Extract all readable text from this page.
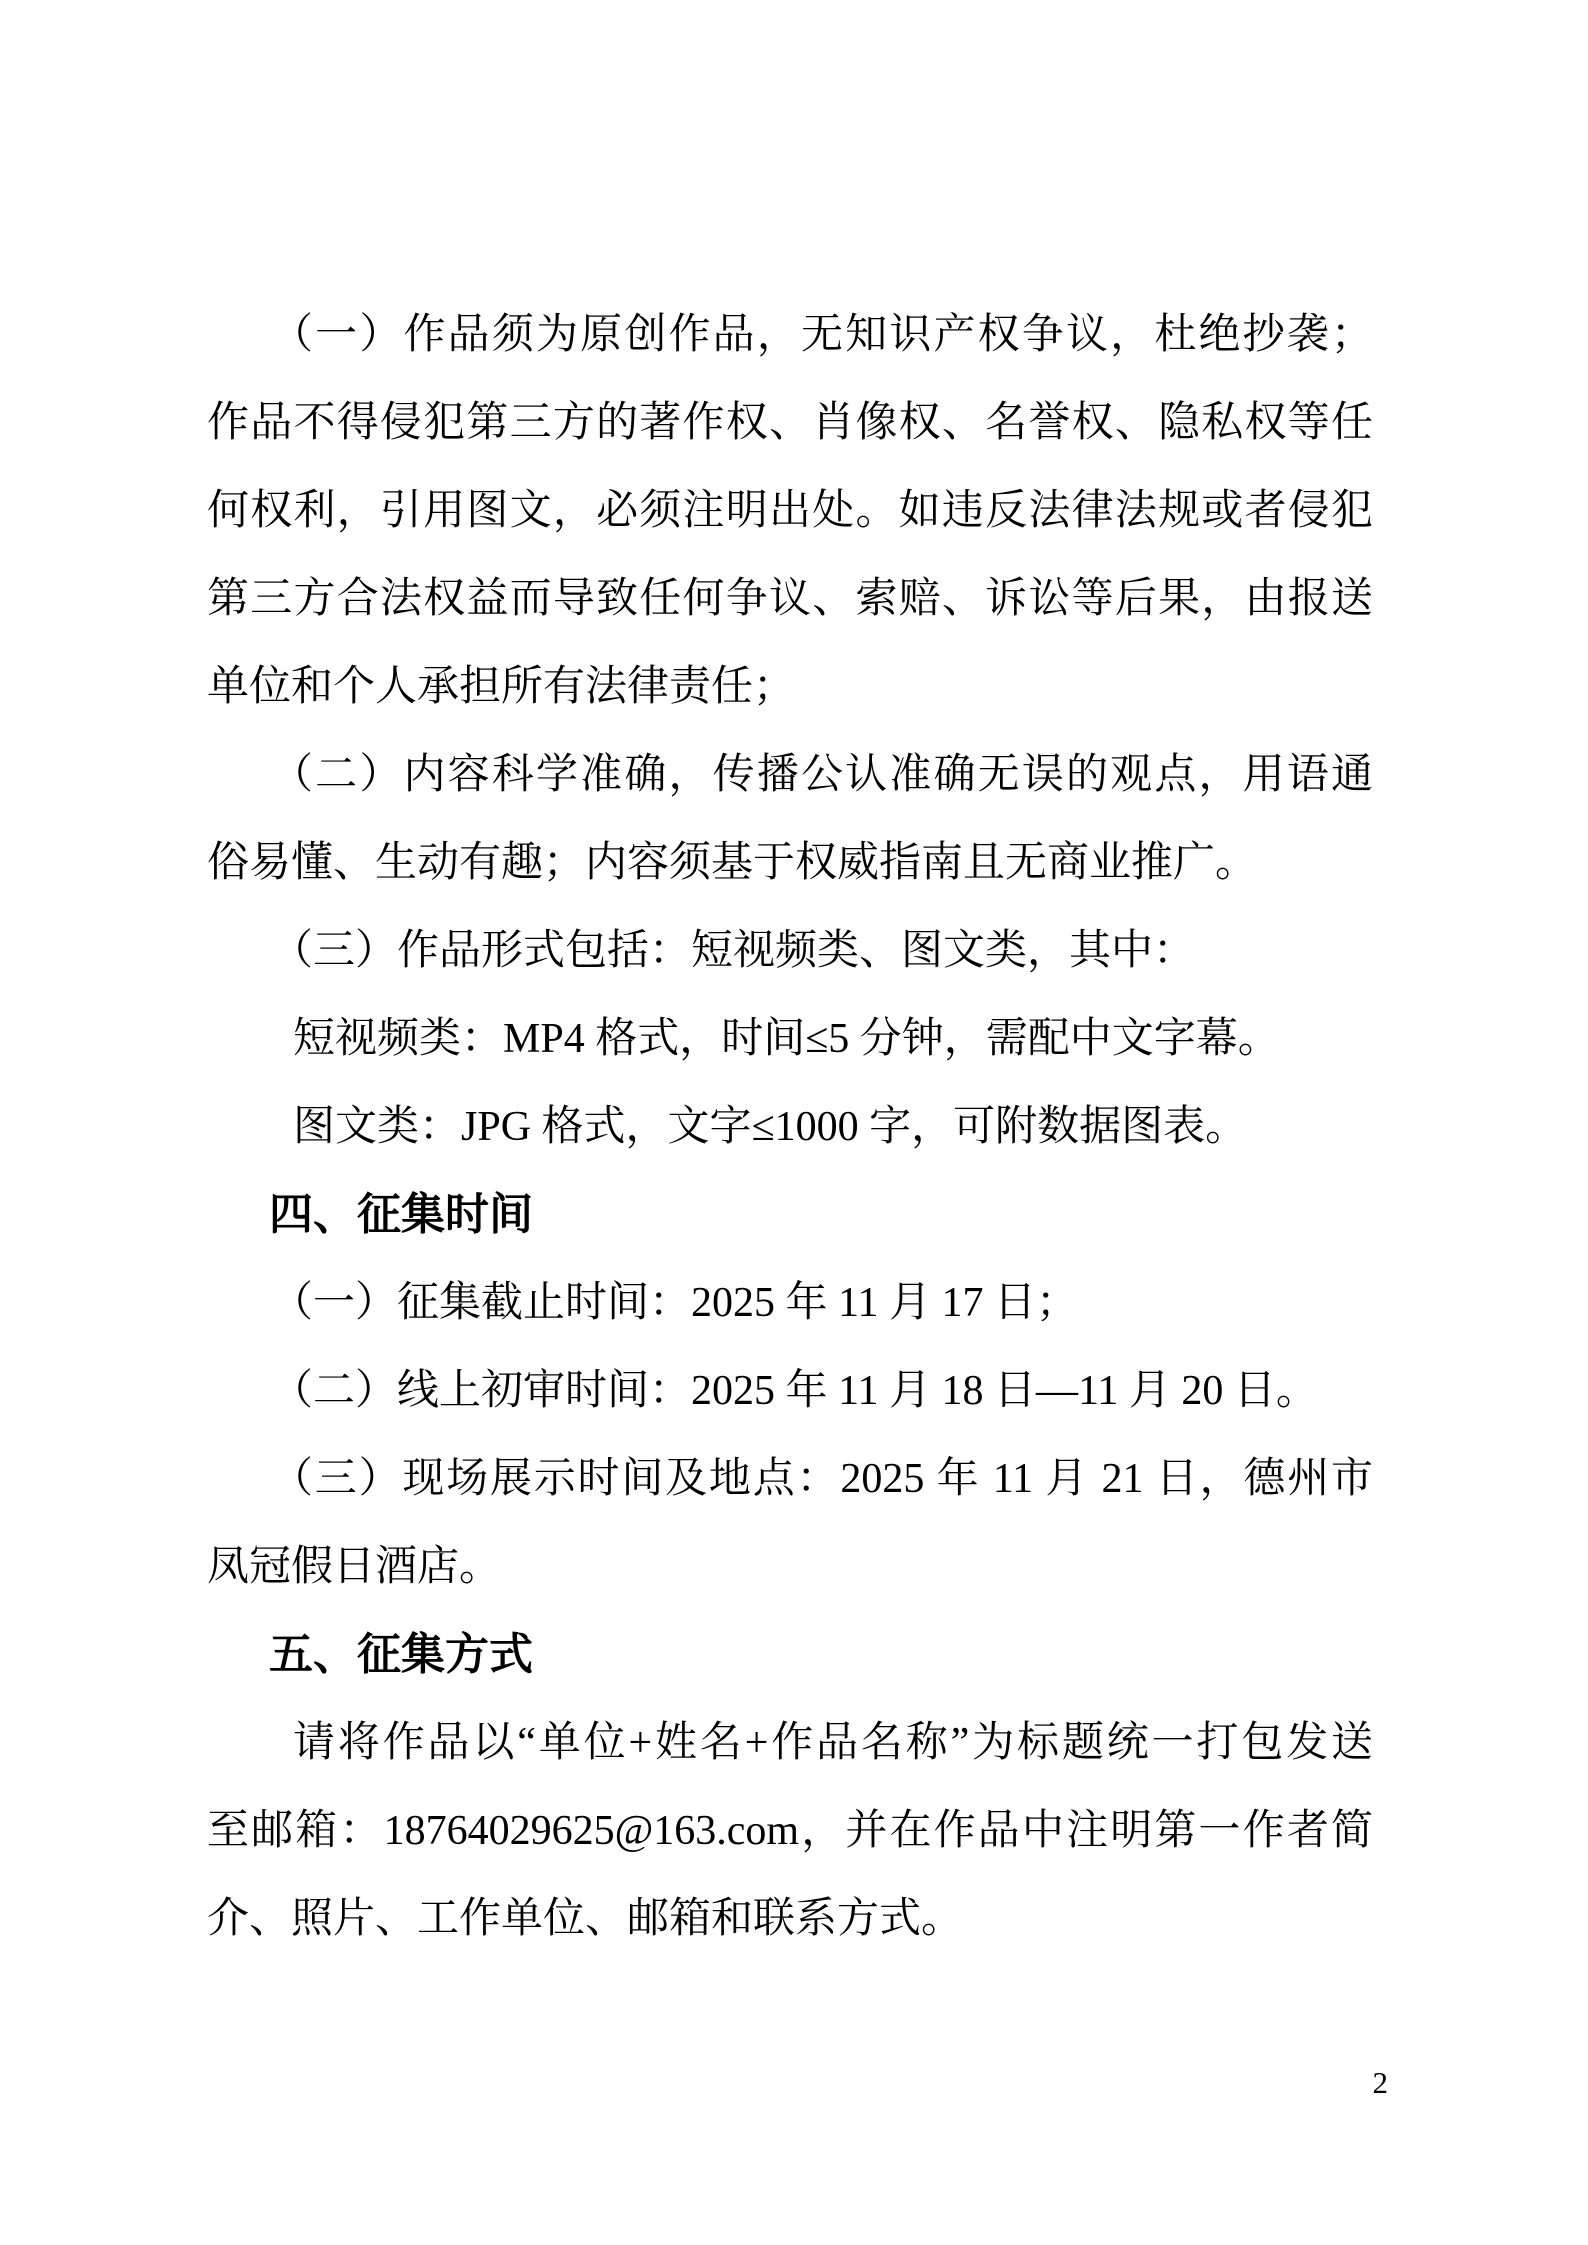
（一）作品须为原创作品，无知识产权争议，杜绝抄袭；
作品不得侵犯第三方的著作权、肖像权、名誉权、隐私权等任
何权利，引用图文，必须注明出处。如违反法律法规或者侵犯
第三方合法权益而导致任何争议、索赔、诉讼等后果，由报送
单位和个人承担所有法律责任；
（二）内容科学准确，传播公认准确无误的观点，用语通
俗易懂、生动有趣；内容须基于权威指南且无商业推广。
（三）作品形式包括：短视频类、图文类，其中：
短视频类：MP4 格式，时间≤5 分钟，需配中文字幕。
图文类：JPG 格式，文字≤1000 字，可附数据图表。
四、征集时间
（一）征集截止时间：2025 年 11 月 17 日；
（二）线上初审时间：2025 年 11 月 18 日—11 月 20 日。
（三）现场展示时间及地点：2025 年 11 月 21 日，德州市
凤冠假日酒店。
五、征集方式
请将作品以“单位+姓名+作品名称”为标题统一打包发送
至邮箱：18764029625@163.com，并在作品中注明第一作者简
介、照片、工作单位、邮箱和联系方式。
2
